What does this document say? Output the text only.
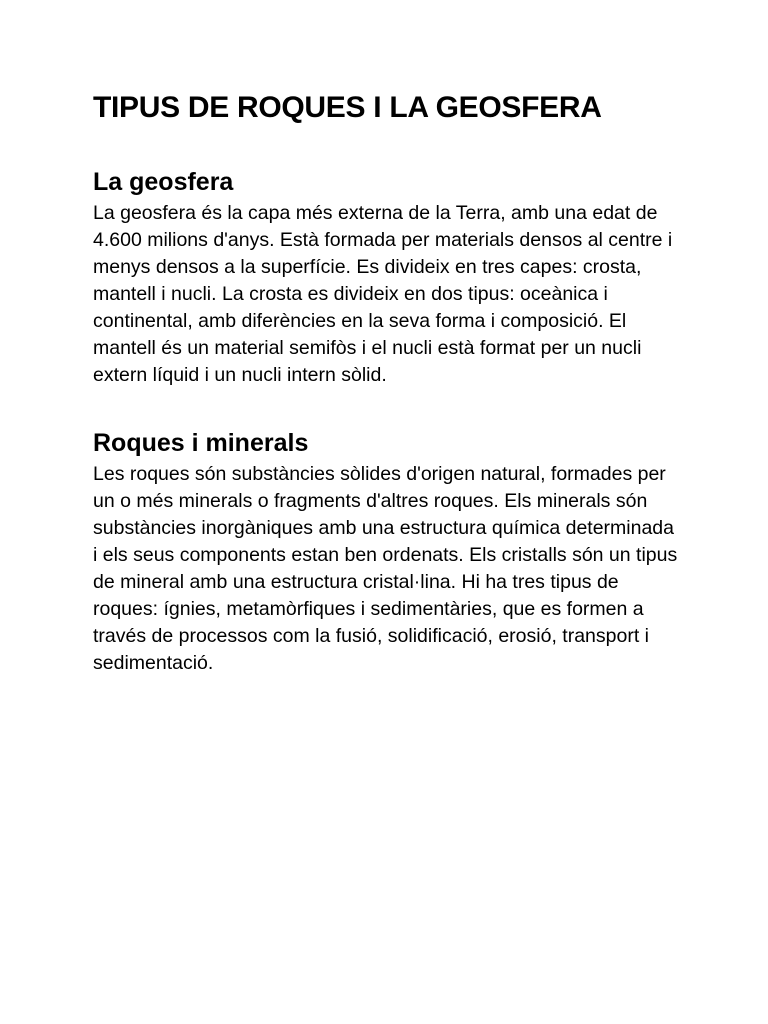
TIPUS DE ROQUES I LA GEOSFERA
La geosfera

La geosfera és la capa més externa de la Terra, amb una edat de 4.600 milions d'anys. Està formada per materials densos al centre i menys densos a la superfície. Es divideix en tres capes: crosta, mantell i nucli. La crosta es divideix en dos tipus: oceànica i continental, amb diferències en la seva forma i composició. El mantell és un material semifòs i el nucli està format per un nucli extern líquid i un nucli intern sòlid.

Roques i minerals

Les roques són substàncies sòlides d'origen natural, formades per un o més minerals o fragments d'altres roques. Els minerals són substàncies inorgàniques amb una estructura química determinada i els seus components estan ben ordenats. Els cristalls són un tipus de mineral amb una estructura cristal·lina. Hi ha tres tipus de roques: ígnies, metamòrfiques i sedimentàries, que es formen a través de processos com la fusió, solidificació, erosió, transport i sedimentació.
